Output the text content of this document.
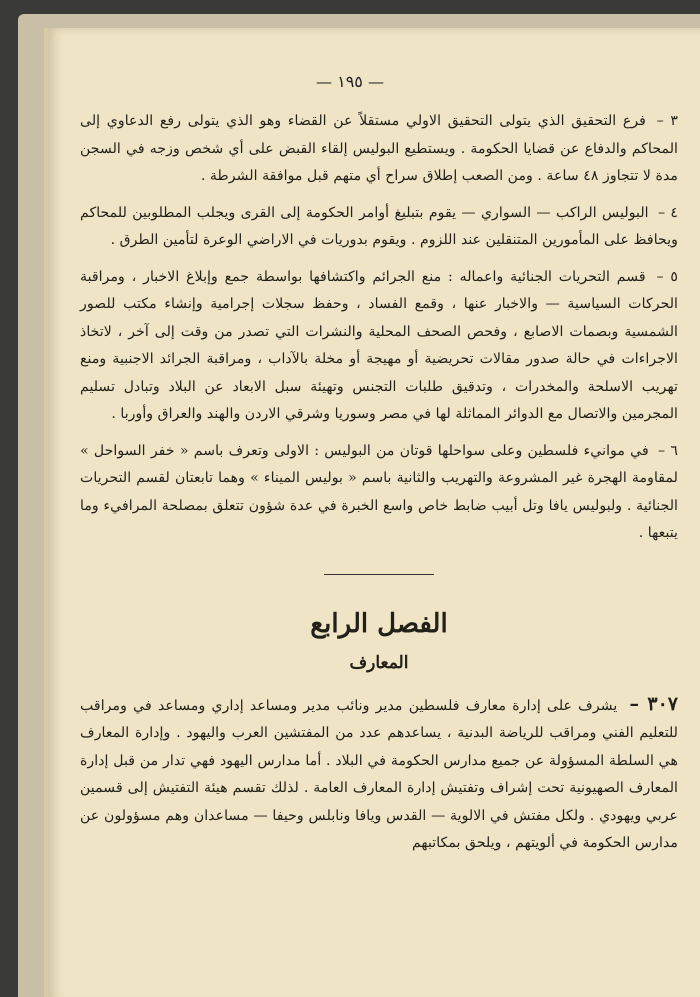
— ١٩٥ —
٣ – فرع التحقيق الذي يتولى التحقيق الاولي مستقلاً عن القضاء وهو الذي يتولى رفع الدعاوي إلى المحاكم والدفاع عن قضايا الحكومة . ويستطيع البوليس إلقاء القبض على أي شخص وزجه في السجن مدة لا تتجاوز ٤٨ ساعة . ومن الصعب إطلاق سراح أي متهم قبل موافقة الشرطة .
٤ – البوليس الراكب — السواري — يقوم بتبليغ أوامر الحكومة إلى القرى ويجلب المطلوبين للمحاكم ويحافظ على المأمورين المتنقلين عند اللزوم . ويقوم بدوريات في الاراضي الوعرة لتأمين الطرق .
٥ – قسم التحريات الجنائية واعماله : منع الجرائم واكتشافها بواسطة جمع وإبلاغ الاخبار ، ومراقبة الحركات السياسية — والاخبار عنها ، وقمع الفساد ، وحفظ سجلات إجرامية وإنشاء مكتب للصور الشمسية وبصمات الاصابع ، وفحص الصحف المحلية والنشرات التي تصدر من وقت إلى آخر ، لاتخاذ الاجراءات في حالة صدور مقالات تحريضية أو مهيجة أو مخلة بالآداب ، ومراقبة الجرائد الاجنبية ومنع تهريب الاسلحة والمخدرات ، وتدقيق طلبات التجنس وتهيئة سبل الابعاد عن البلاد وتبادل تسليم المجرمين والاتصال مع الدوائر المماثلة لها في مصر وسوريا وشرقي الاردن والهند والعراق وأوربا .
٦ – في موانيء فلسطين وعلى سواحلها قوتان من البوليس : الاولى وتعرف باسم « خفر السواحل » لمقاومة الهجرة غير المشروعة والتهريب والثانية باسم « بوليس الميناء » وهما تابعتان لقسم التحريات الجنائية . ولبوليس يافا وتل أبيب ضابط خاص واسع الخبرة في عدة شؤون تتعلق بمصلحة المرافيء وما يتبعها .
الفصل الرابع
المعارف
٣٠٧ – يشرف على إدارة معارف فلسطين مدير ونائب مدير ومساعد إداري ومساعد في ومراقب للتعليم الفني ومراقب للرياضة البدنية ، يساعدهم عدد من المفتشين العرب واليهود . وإدارة المعارف هي السلطة المسؤولة عن جميع مدارس الحكومة في البلاد . أما مدارس اليهود فهي تدار من قبل إدارة المعارف الصهيونية تحت إشراف وتفتيش إدارة المعارف العامة . لذلك تقسم هيئة التفتيش إلى قسمين عربي ويهودي . ولكل مفتش في الالوية — القدس ويافا ونابلس وحيفا — مساعدان وهم مسؤولون عن مدارس الحكومة في ألويتهم ، ويلحق بمكاتبهم
